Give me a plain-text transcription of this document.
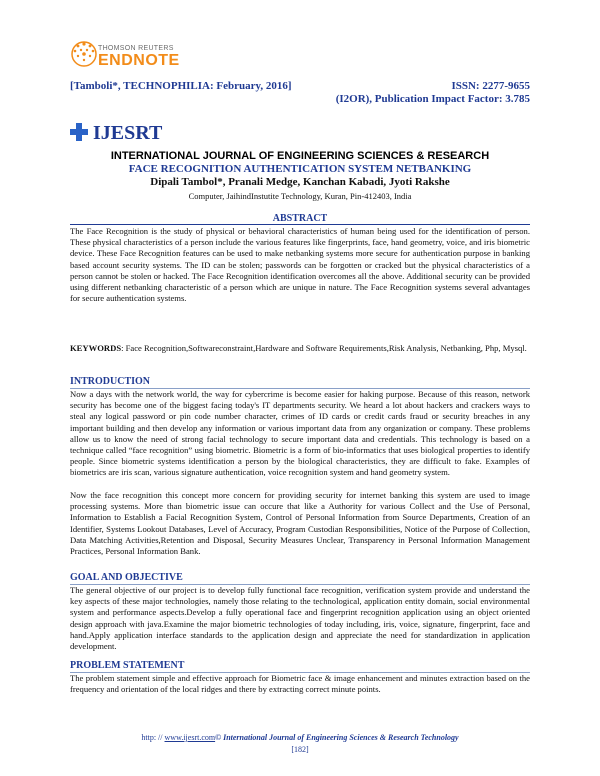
THOMSON REUTERS
ENDNOTE
[Tamboli*, TECHNOPHILIA: February, 2016]	ISSN: 2277-9655
(I2OR), Publication Impact Factor: 3.785
IJESRT
INTERNATIONAL JOURNAL OF ENGINEERING SCIENCES & RESEARCH
FACE RECOGNITION AUTHENTICATION SYSTEM NETBANKING
Dipali Tambol*, Pranali Medge, Kanchan Kabadi, Jyoti Rakshe
Computer, JaihindInstutite Technology, Kuran, Pin-412403, India
ABSTRACT
The Face Recognition is the study of physical or behavioral characteristics of human being used for the identification of person. These physical characteristics of a person include the various features like fingerprints, face, hand geometry, voice, and iris biometric device. These Face Recognition features can be used to make netbanking systems more secure for authentication purpose in banking based account security systems. The ID can be stolen; passwords can be forgotten or cracked but the physical characteristics of a person cannot be stolen or hacked. The Face Recognition identification overcomes all the above. Additional security can be provided using different netbanking characteristic of a person which are unique in nature. The Face Recognition systems several advantages for secure authentication systems.
KEYWORDS: Face Recognition,Softwareconstraint,Hardware and Software Requirements,Risk Analysis, Netbanking, Php, Mysql.
INTRODUCTION
Now a days with the network world, the way for cybercrime is become easier for haking purpose. Because of this reason, network security has become one of the biggest facing today's IT departments security. We heard a lot about hackers and crackers ways to steal any logical password or pin code number character, crimes of ID cards or credit cards fraud or security breaches in any important building and then develop any information or various important data from any organization or company. These problems allow us to know the need of strong facial technology to secure important data and credentials. This technology is based on a technique called “face recognition” using biometric. Biometric is a form of bio-informatics that uses biological properties to identify people. Since biometric systems identification a person by the biological characteristics, they are difficult to fake. Examples of biometrics are iris scan, various signature authentication, voice recognition system and hand geometry system.
Now the face recognition this concept more concern for providing security for internet banking this system are used to image processing systems. More than biometric issue can occure that like a Authority for various Collect and the Use of Personal, Information to Establish a Facial Recognition System, Control of Personal Information from Source Departments, Creation of an Identifier, Systems Lookout Databases, Level of Accuracy, Program Custodian Responsibilities, Notice of the Purpose of Collection, Data Matching Activities,Retention and Disposal, Security Measures Unclear, Transparency in Personal Information Management Practices, Personal Information Bank.
GOAL AND OBJECTIVE
The general objective of our project is to develop fully functional face recognition, verification system provide and understand the key aspects of these major technologies, namely those relating to the technological, application entity domain, social environmental system and performance aspects.Develop a fully operational face and fingerprint recognition application using an object oriented design approach with java.Examine the major biometric technologies of today including, iris, voice, signature, fingerprint, face and hand.Apply application interface standards to the application design and appreciate the need for standardization in application development.
PROBLEM STATEMENT
The problem statement simple and effective approach for Biometric face & image enhancement and minutes extraction based on the frequency and orientation of the local ridges and there by extracting correct minute points.
http: // www.ijesrt.com© International Journal of Engineering Sciences & Research Technology
[182]
